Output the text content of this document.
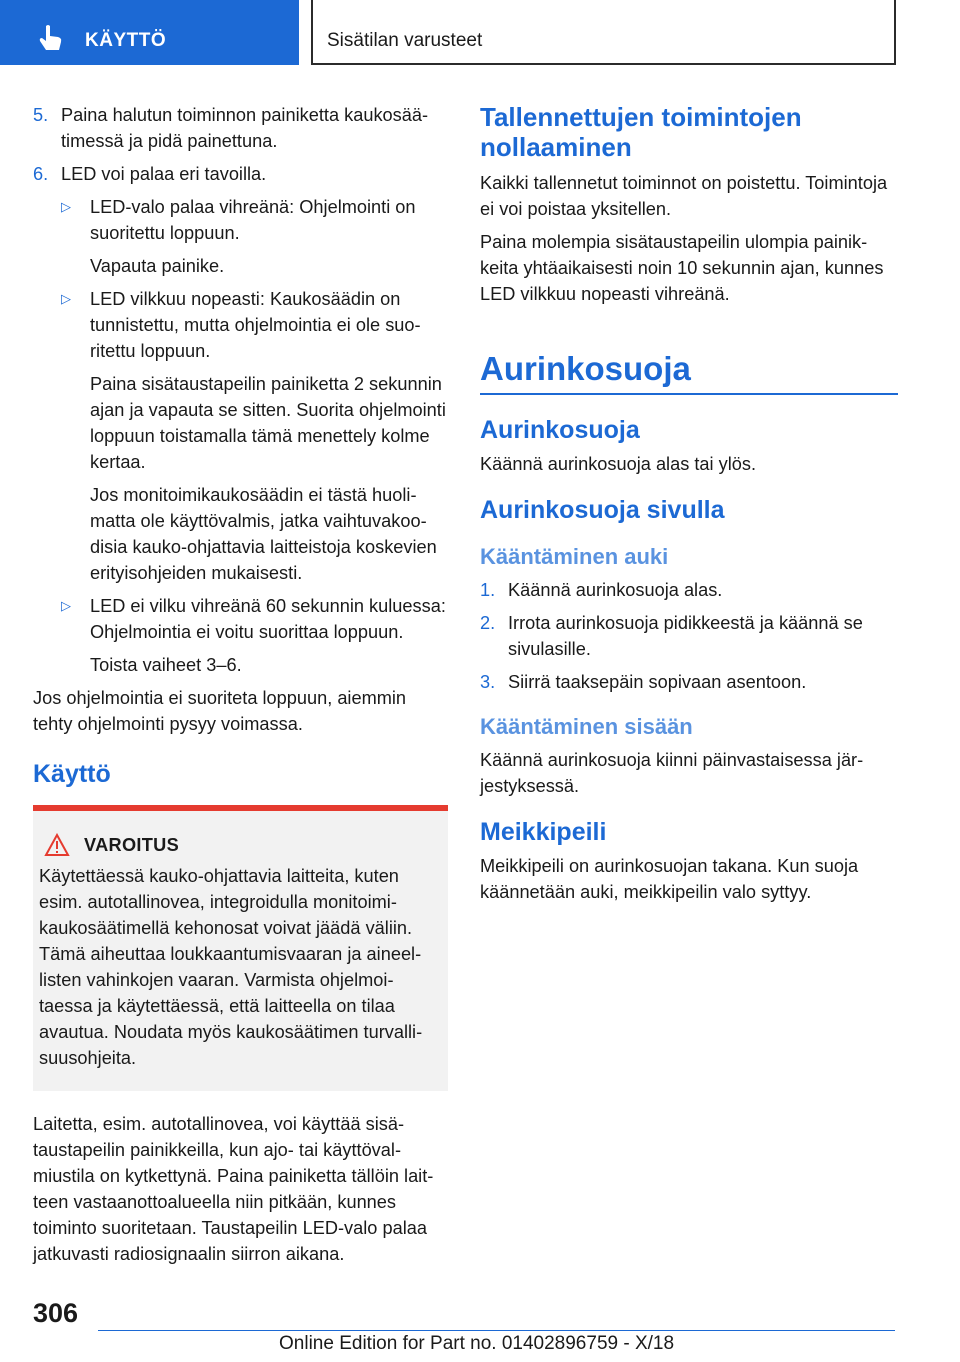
KÄYTTÖ	Sisätilan varusteet
5. Paina halutun toiminnon painiketta kaukosäätimessä ja pidä painettuna.
6. LED voi palaa eri tavoilla.
▷	LED-valo palaa vihreänä: Ohjelmointi on suoritettu loppuun.

Vapauta painike.

▷	LED vilkkuu nopeasti: Kaukosäädin on tunnistettu, mutta ohjelmointia ei ole suoritettu loppuun.

Paina sisätaustapeilin painiketta 2 sekunnin ajan ja vapauta se sitten. Suorita ohjelmointi loppuun toistamalla tämä menettely kolme kertaa.

Jos monitoimikaukosäädin ei tästä huolimatta ole käyttövalmis, jatka vaihtuvakoodisia kauko-ohjattavia laitteistoja koskevien erityisohjeiden mukaisesti.

▷	LED ei vilku vihreänä 60 sekunnin kuluessa: Ohjelmointia ei voitu suorittaa loppuun.

Toista vaiheet 3–6.

Jos ohjelmointia ei suoriteta loppuun, aiemmin tehty ohjelmointi pysyy voimassa.

Käyttö
VAROITUS

Käytettäessä kauko-ohjattavia laitteita, kuten esim. autotallinovea, integroidulla monitoimikaukosäätimellä kehonosat voivat jäädä väliin. Tämä aiheuttaa loukkaantumisvaaran ja aineellisten vahinkojen vaaran. Varmista ohjelmoitaessa ja käytettäessä, että laitteella on tilaa avautua. Noudata myös kaukosäätimen turvallisuusohjeita.

Laitetta, esim. autotallinovea, voi käyttää sisätaustapeilin painikkeilla, kun ajo- tai käyttövalmiustila on kytkettynä. Paina painiketta tällöin laitteen vastaanottoalueella niin pitkään, kunnes toiminto suoritetaan. Taustapeilin LED-valo palaa jatkuvasti radiosignaalin siirron aikana.

Tallennettujen toimintojen nollaaminen

Kaikki tallennetut toiminnot on poistettu. Toimintoja ei voi poistaa yksitellen.

Paina molempia sisätaustapeilin ulompia painikkeita yhtäaikaisesti noin 10 sekunnin ajan, kunnes LED vilkkuu nopeasti vihreänä.

Aurinkosuoja
Aurinkosuoja

Käännä aurinkosuoja alas tai ylös.

Aurinkosuoja sivulla
Kääntäminen auki
1. Käännä aurinkosuoja alas.
2. Irrota aurinkosuoja pidikkeestä ja käännä se sivulasille.
3. Siirrä taaksepäin sopivaan asentoon.
Kääntäminen sisään

Käännä aurinkosuoja kiinni päinvastaisessa järjestyksessä.

Meikkipeili

Meikkipeili on aurinkosuojan takana. Kun suoja käännetään auki, meikkipeilin valo syttyy.

306
Online Edition for Part no. 01402896759 - X/18
